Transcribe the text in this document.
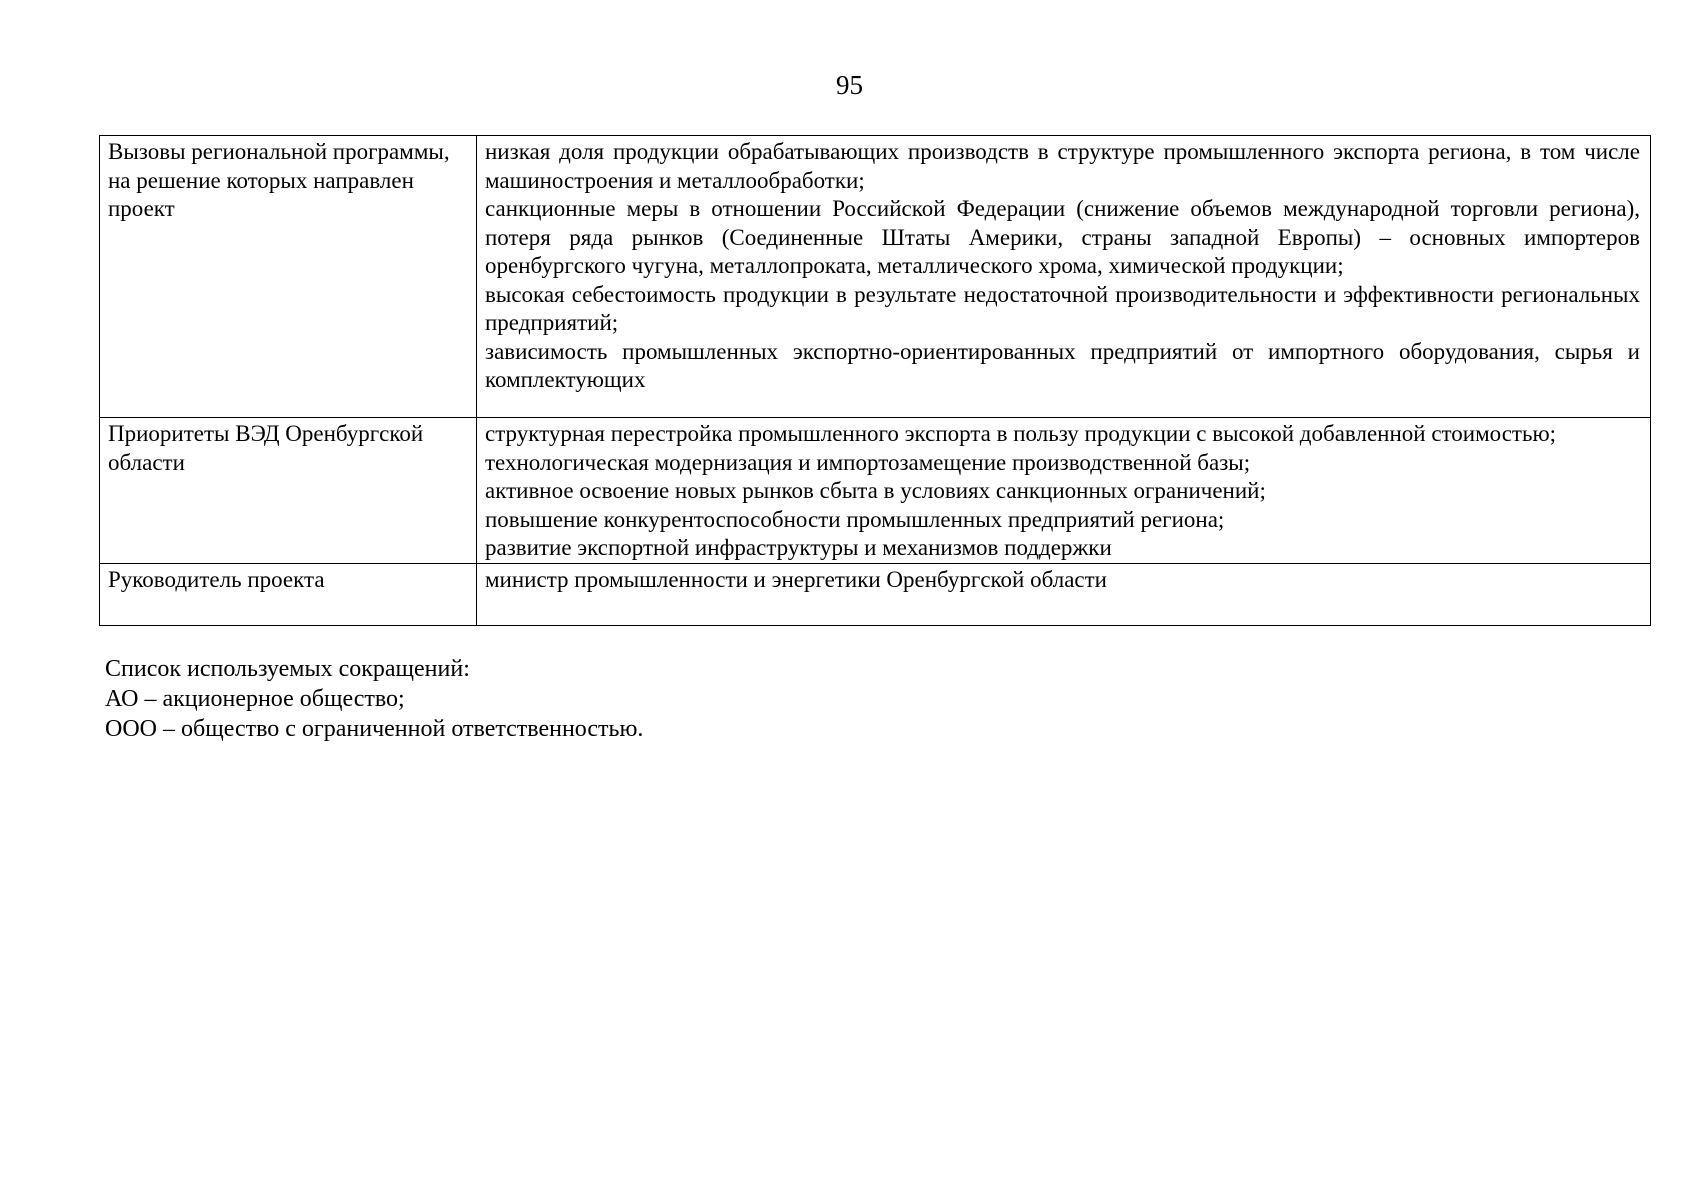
95
Вызовы региональной программы, на решение которых направлен проект	низкая доля продукции обрабатывающих производств в структуре промышленного экспорта региона, в том числе машиностроения и металлообработки;
санкционные меры в отношении Российской Федерации (снижение объемов международной торговли региона), потеря ряда рынков (Соединенные Штаты Америки, страны западной Европы) – основных импортеров оренбургского чугуна, металлопроката, металлического хрома, химической продукции;
высокая себестоимость продукции в результате недостаточной производительности и эффективности региональных предприятий;
зависимость промышленных экспортно-ориентированных предприятий от импортного оборудования, сырья и комплектующих

Приоритеты ВЭД Оренбургской области	структурная перестройка промышленного экспорта в пользу продукции с высокой добавленной стоимостью;
технологическая модернизация и импортозамещение производственной базы;
активное освоение новых рынков сбыта в условиях санкционных ограничений;
повышение конкурентоспособности промышленных предприятий региона;
развитие экспортной инфраструктуры и механизмов поддержки

Руководитель проекта	министр промышленности и энергетики Оренбургской области
Список используемых сокращений:
АО – акционерное общество;
ООО – общество с ограниченной ответственностью.
